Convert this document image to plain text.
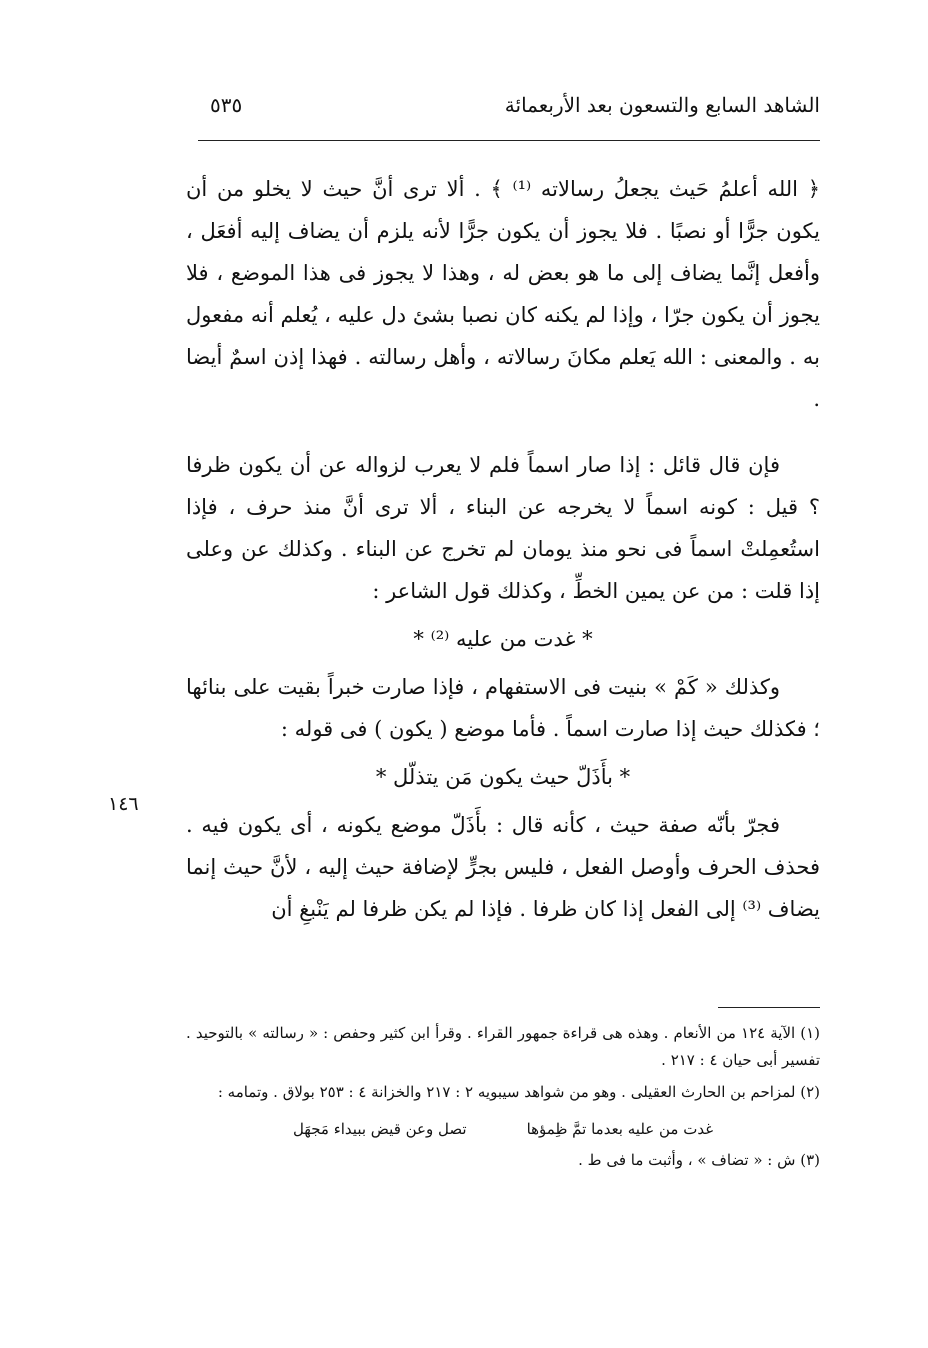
الشاهد السابع والتسعون بعد الأربعمائة
٥٣٥

﴿ الله أعلمُ حَيث يجعلُ رسالاته ⁽¹⁾ ﴾ . ألا ترى أنَّ حيث لا يخلو من أن يكون جرًّا أو نصبًا . فلا يجوز أن يكون جرًّا لأنه يلزم أن يضاف إليه أفعَل ، وأفعل إنَّما يضاف إلى ما هو بعض له ، وهذا لا يجوز فى هذا الموضع ، فلا يجوز أن يكون جرّا ، وإذا لم يكنه كان نصبا بشئ دل عليه ، يُعلم أنه مفعول به . والمعنى : الله يَعلم مكانَ رسالاته ، وأهل رسالته . فهذا إذن اسمٌ أيضا .

فإن قال قائل : إذا صار اسماً فلم لا يعرب لزواله عن أن يكون ظرفا ؟ قيل : كونه اسماً لا يخرجه عن البناء ، ألا ترى أنَّ منذ حرف ، فإذا استُعمِلتْ اسماً فى نحو منذ يومان لم تخرج عن البناء . وكذلك عن وعلى إذا قلت : من عن يمين الخطِّ ، وكذلك قول الشاعر :

* غدت من عليه ⁽²⁾ *

وكذلك « كَمْ » بنيت فى الاستفهام ، فإذا صارت خبراً بقيت على بنائها ؛ فكذلك حيث إذا صارت اسماً . فأما موضع ( يكون ) فى قوله :

* بأَذَلّ حيث يكون مَن يتذلّل *

فجرّ بأنّه صفة حيث ، كأنه قال : بأَذَلّ موضع يكونه ، أى يكون فيه . فحذف الحرف وأوصل الفعل ، فليس بجرٍّ لإضافة حيث إليه ، لأنَّ حيث إنما يضاف ⁽³⁾ إلى الفعل إذا كان ظرفا . فإذا لم يكن ظرفا لم يَنْبغِ أن

١٤٦

(١) الآية ١٢٤ من الأنعام . وهذه هى قراءة جمهور القراء . وقرأ ابن كثير وحفص : « رسالته » بالتوحيد . تفسير أبى حيان ٤ : ٢١٧ .

(٢) لمزاحم بن الحارث العقيلى . وهو من شواهد سيبويه ٢ : ٢١٧ والخزانة ٤ : ٢٥٣ بولاق . وتمامه :

غدت من عليه بعدما تمَّ ظِمؤها
تصل وعن قيض ببيداء مَجهَل

(٣) ش : « تضاف » ، وأثبت ما فى ط .
